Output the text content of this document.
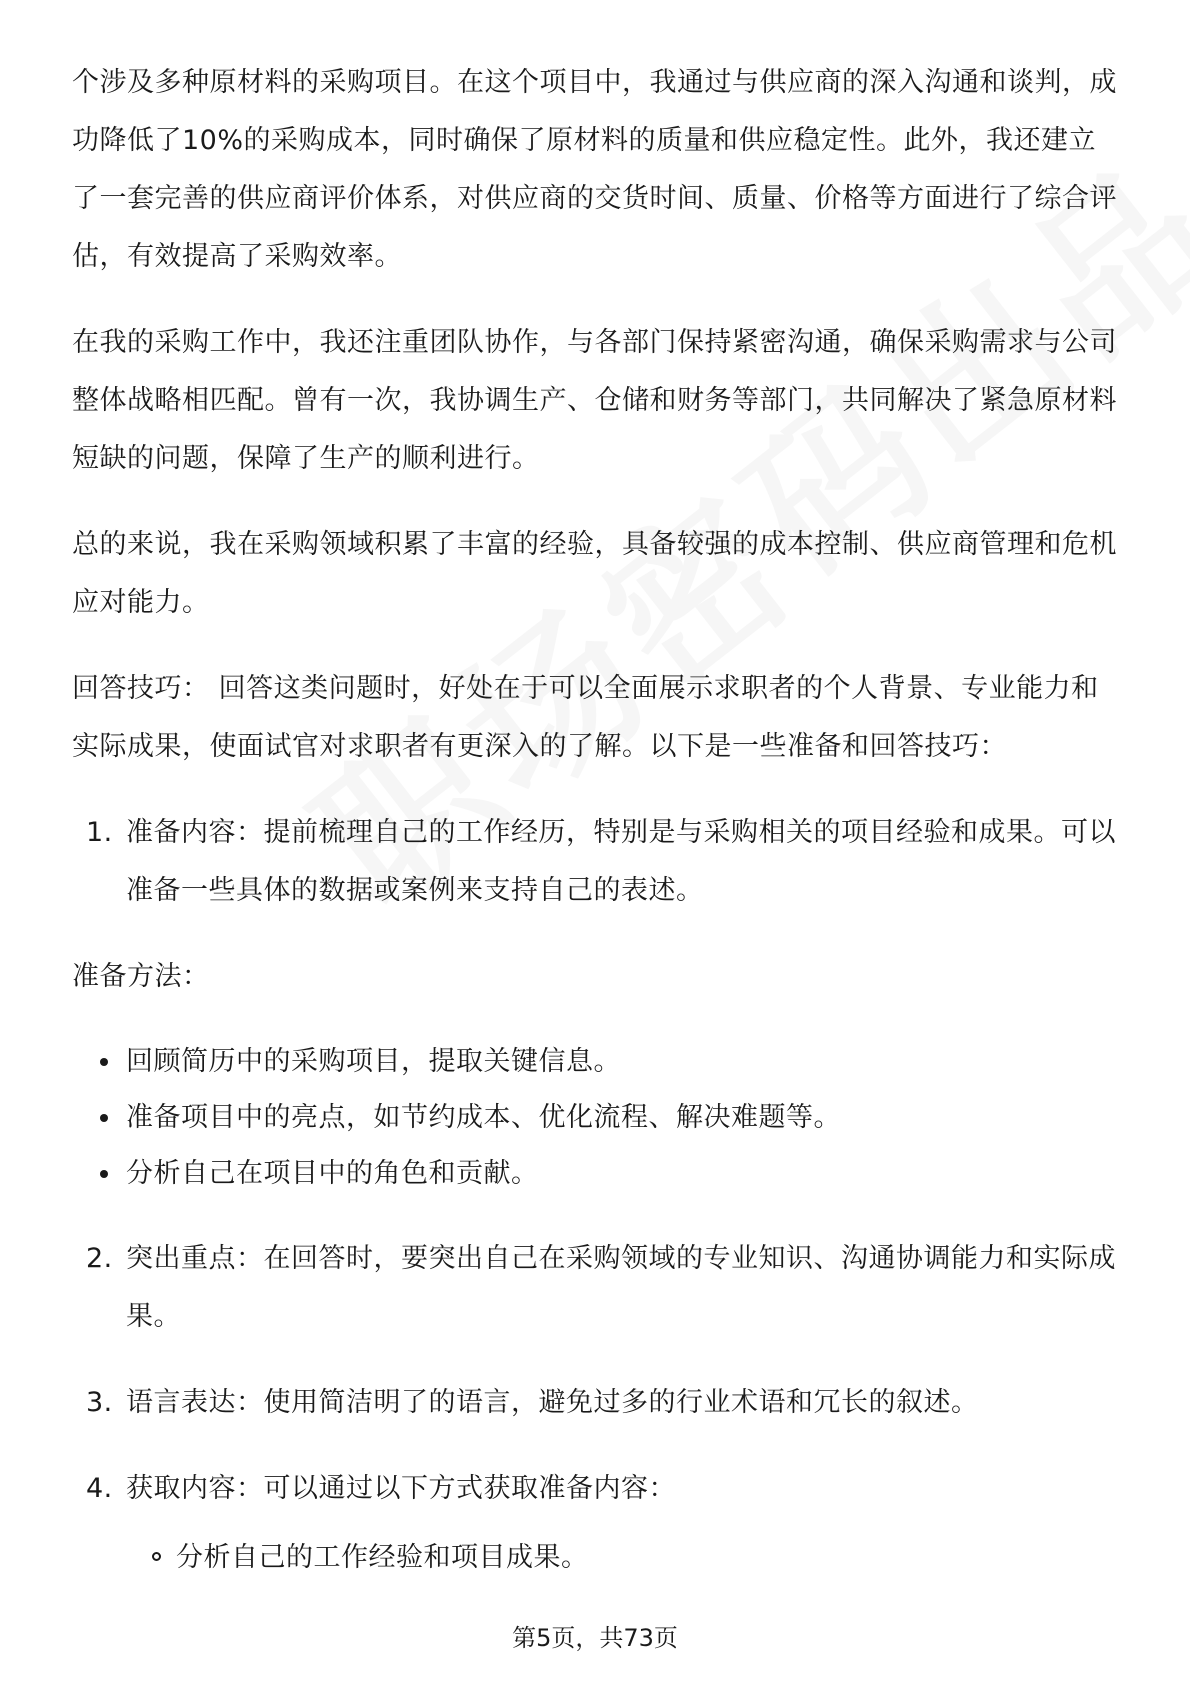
个涉及多种原材料的采购项目。在这个项目中，我通过与供应商的深入沟通和谈判，成功降低了10%的采购成本，同时确保了原材料的质量和供应稳定性。此外，我还建立了一套完善的供应商评价体系，对供应商的交货时间、质量、价格等方面进行了综合评估，有效提高了采购效率。

在我的采购工作中，我还注重团队协作，与各部门保持紧密沟通，确保采购需求与公司整体战略相匹配。曾有一次，我协调生产、仓储和财务等部门，共同解决了紧急原材料短缺的问题，保障了生产的顺利进行。

总的来说，我在采购领域积累了丰富的经验，具备较强的成本控制、供应商管理和危机应对能力。

回答技巧： 回答这类问题时，好处在于可以全面展示求职者的个人背景、专业能力和实际成果，使面试官对求职者有更深入的了解。以下是一些准备和回答技巧：

1. 准备内容：提前梳理自己的工作经历，特别是与采购相关的项目经验和成果。可以准备一些具体的数据或案例来支持自己的表述。

准备方法：

回顾简历中的采购项目，提取关键信息。
准备项目中的亮点，如节约成本、优化流程、解决难题等。
分析自己在项目中的角色和贡献。
2. 突出重点：在回答时，要突出自己在采购领域的专业知识、沟通协调能力和实际成果。
3. 语言表达：使用简洁明了的语言，避免过多的行业术语和冗长的叙述。
4. 获取内容：可以通过以下方式获取准备内容：
分析自己的工作经验和项目成果。
第5页，共73页
